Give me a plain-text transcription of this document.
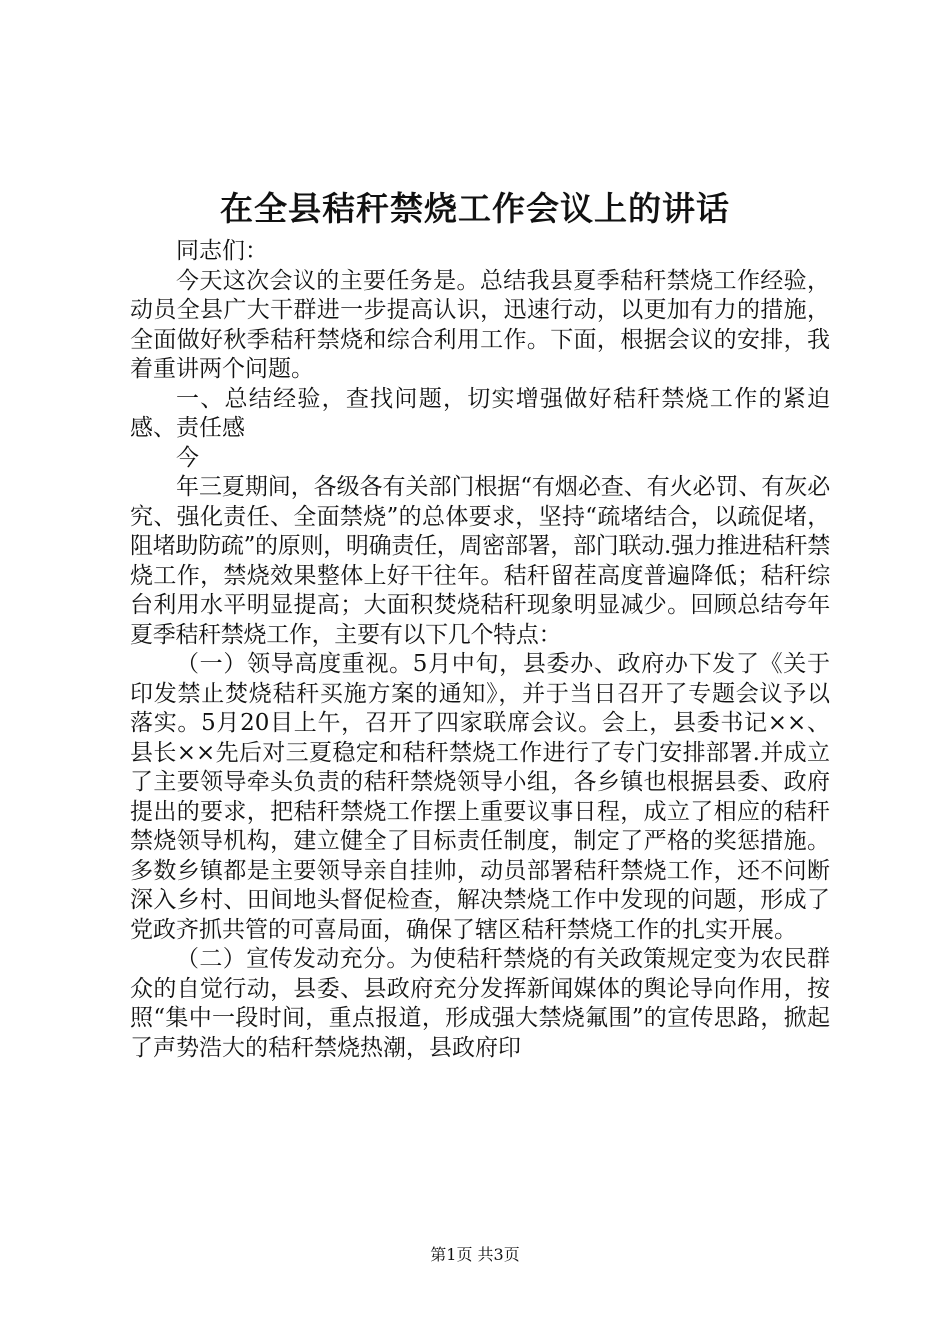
在全县秸秆禁烧工作会议上的讲话

同志们：

今天这次会议的主要任务是。总结我县夏季秸秆禁烧工作经验，动员全县广大干群进一步提高认识，迅速行动，以更加有力的措施，全面做好秋季秸秆禁烧和综合利用工作。下面，根据会议的安排，我着重讲两个问题。

一、总结经验，查找问题，切实增强做好秸秆禁烧工作的紧迫感、责任感

今

年三夏期间，各级各有关部门根据“有烟必查、有火必罚、有灰必究、强化责任、全面禁烧”的总体要求，坚持“疏堵结合，以疏促堵，阻堵助防疏”的原则，明确责任，周密部署，部门联动.强力推进秸秆禁烧工作，禁烧效果整体上好干往年。秸秆留茬高度普遍降低；秸秆综台利用水平明显提高；大面积焚烧秸秆现象明显减少。回顾总结夸年夏季秸秆禁烧工作，主要有以下几个特点：

（一）领导高度重视。5月中旬，县委办、政府办下发了《关于印发禁止焚烧秸秆买施方案的通知》，并于当日召开了专题会议予以落实。5月20目上午，召开了四家联席会议。会上，县委书记××、县长××先后对三夏稳定和秸秆禁烧工作进行了专门安排部署.并成立了主要领导牵头负责的秸秆禁烧领导小组，各乡镇也根据县委、政府提出的要求，把秸秆禁烧工作摆上重要议事日程，成立了相应的秸秆禁烧领导机构，建立健全了目标责任制度，制定了严格的奖惩措施。多数乡镇都是主要领导亲自挂帅，动员部署秸秆禁烧工作，还不问断深入乡村、田间地头督促检查，解决禁烧工作中发现的问题，形成了党政齐抓共管的可喜局面，确保了辖区秸秆禁烧工作的扎实开展。

（二）宣传发动充分。为使秸秆禁烧的有关政策规定变为农民群众的自觉行动，县委、县政府充分发挥新闻媒体的舆论导向作用，按照“集中一段时间，重点报道，形成强大禁烧氟围”的宣传思路，掀起了声势浩大的秸秆禁烧热潮，县政府印

第1页 共3页
